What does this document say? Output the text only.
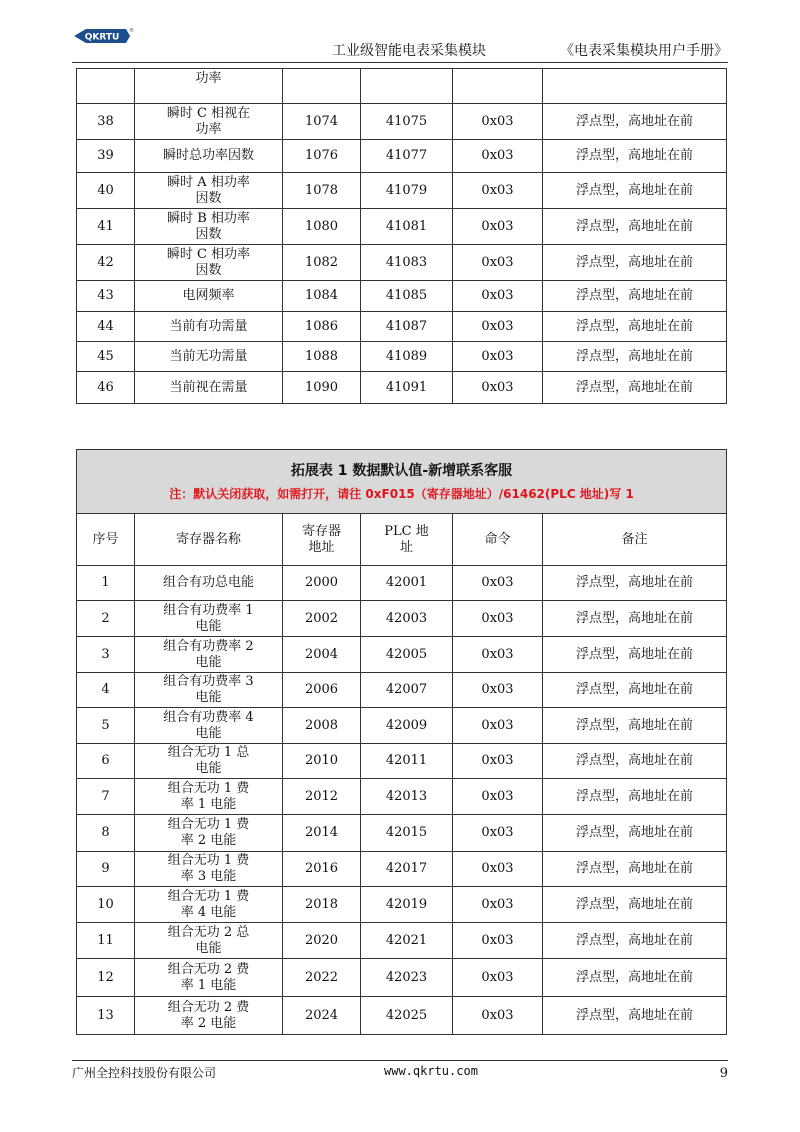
QKRTU
®
工业级智能电表采集模块	《电表采集模块用户手册》
	功率				
38	瞬时 C 相视在功率	1074	41075	0x03	浮点型，高地址在前
39	瞬时总功率因数	1076	41077	0x03	浮点型，高地址在前
40	瞬时 A 相功率因数	1078	41079	0x03	浮点型，高地址在前
41	瞬时 B 相功率因数	1080	41081	0x03	浮点型，高地址在前
42	瞬时 C 相功率因数	1082	41083	0x03	浮点型，高地址在前
43	电网频率	1084	41085	0x03	浮点型，高地址在前
44	当前有功需量	1086	41087	0x03	浮点型，高地址在前
45	当前无功需量	1088	41089	0x03	浮点型，高地址在前
46	当前视在需量	1090	41091	0x03	浮点型，高地址在前
拓展表 1 数据默认值-新增联系客服
注：默认关闭获取，如需打开，请往 0xF015（寄存器地址）/61462(PLC 地址)写 1					

序号	寄存器名称	寄存器地址	PLC 地址	命令	备注
1	组合有功总电能	2000	42001	0x03	浮点型，高地址在前
2	组合有功费率 1 电能	2002	42003	0x03	浮点型，高地址在前
3	组合有功费率 2 电能	2004	42005	0x03	浮点型，高地址在前
4	组合有功费率 3 电能	2006	42007	0x03	浮点型，高地址在前
5	组合有功费率 4 电能	2008	42009	0x03	浮点型，高地址在前
6	组合无功 1 总电能	2010	42011	0x03	浮点型，高地址在前
7	组合无功 1 费率 1 电能	2012	42013	0x03	浮点型，高地址在前
8	组合无功 1 费率 2 电能	2014	42015	0x03	浮点型，高地址在前
9	组合无功 1 费率 3 电能	2016	42017	0x03	浮点型，高地址在前
10	组合无功 1 费率 4 电能	2018	42019	0x03	浮点型，高地址在前
11	组合无功 2 总电能	2020	42021	0x03	浮点型，高地址在前
12	组合无功 2 费率 1 电能	2022	42023	0x03	浮点型，高地址在前
13	组合无功 2 费率 2 电能	2024	42025	0x03	浮点型，高地址在前
广州全控科技股份有限公司	www.qkrtu.com	9
